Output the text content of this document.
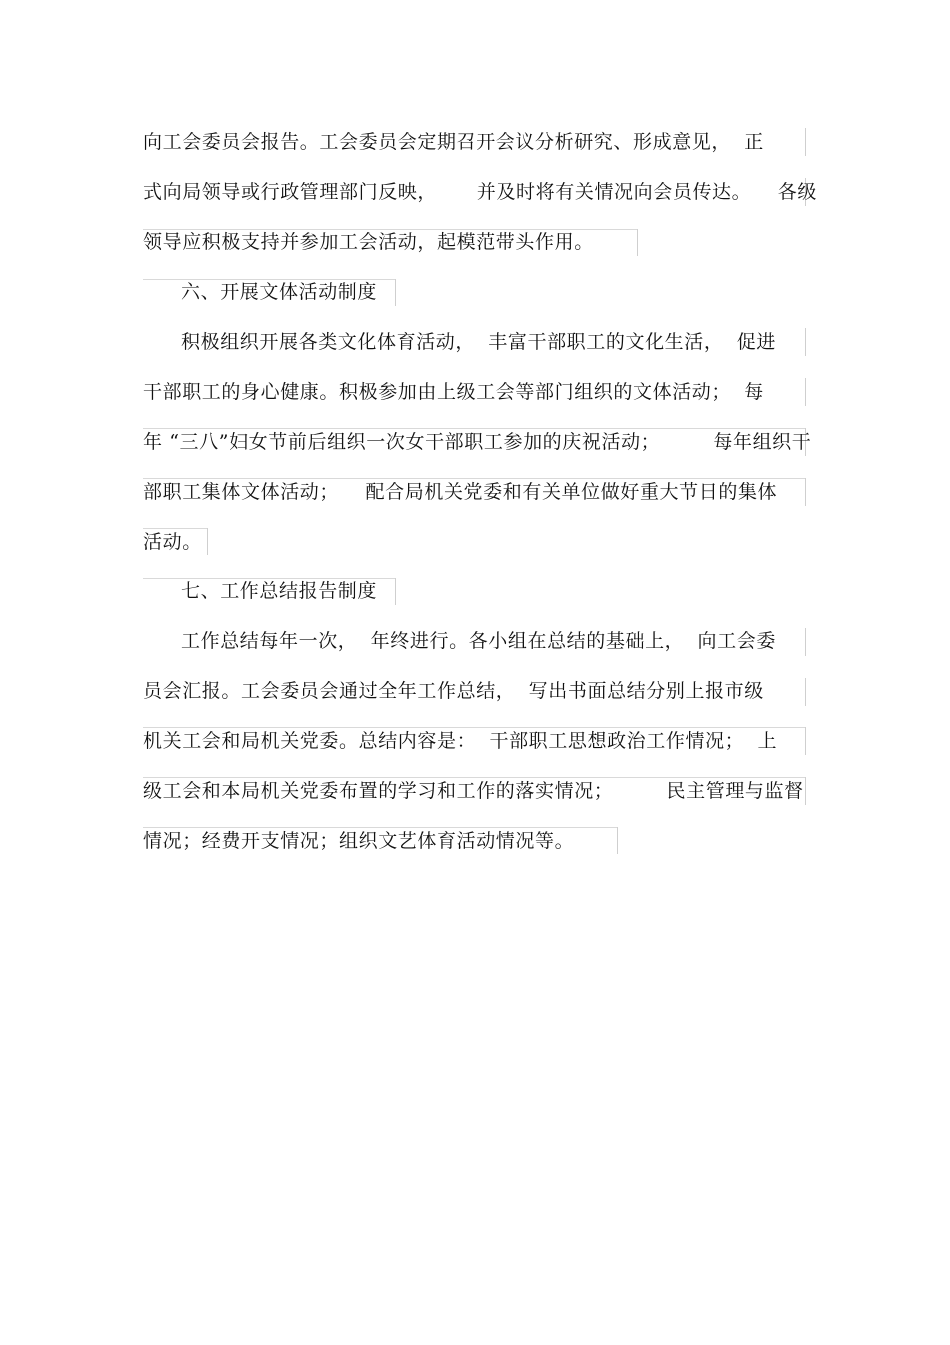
向工会委员会报告。工会委员会定期召开会议分析研究、形成意见，  正
式向局领导或行政管理部门反映，      并及时将有关情况向会员传达。    各级
领导应积极支持并参加工会活动，起模范带头作用。
六、开展文体活动制度
积极组织开展各类文化体育活动，  丰富干部职工的文化生活，  促进
干部职工的身心健康。积极参加由上级工会等部门组织的文体活动；  每
年 “三八”妇女节前后组织一次女干部职工参加的庆祝活动；        每年组织干
部职工集体文体活动；    配合局机关党委和有关单位做好重大节日的集体
活动。
七、工作总结报告制度
工作总结每年一次，  年终进行。各小组在总结的基础上，  向工会委
员会汇报。工会委员会通过全年工作总结，  写出书面总结分别上报市级
机关工会和局机关党委。总结内容是：  干部职工思想政治工作情况；  上
级工会和本局机关党委布置的学习和工作的落实情况；        民主管理与监督
情况；经费开支情况；组织文艺体育活动情况等。
